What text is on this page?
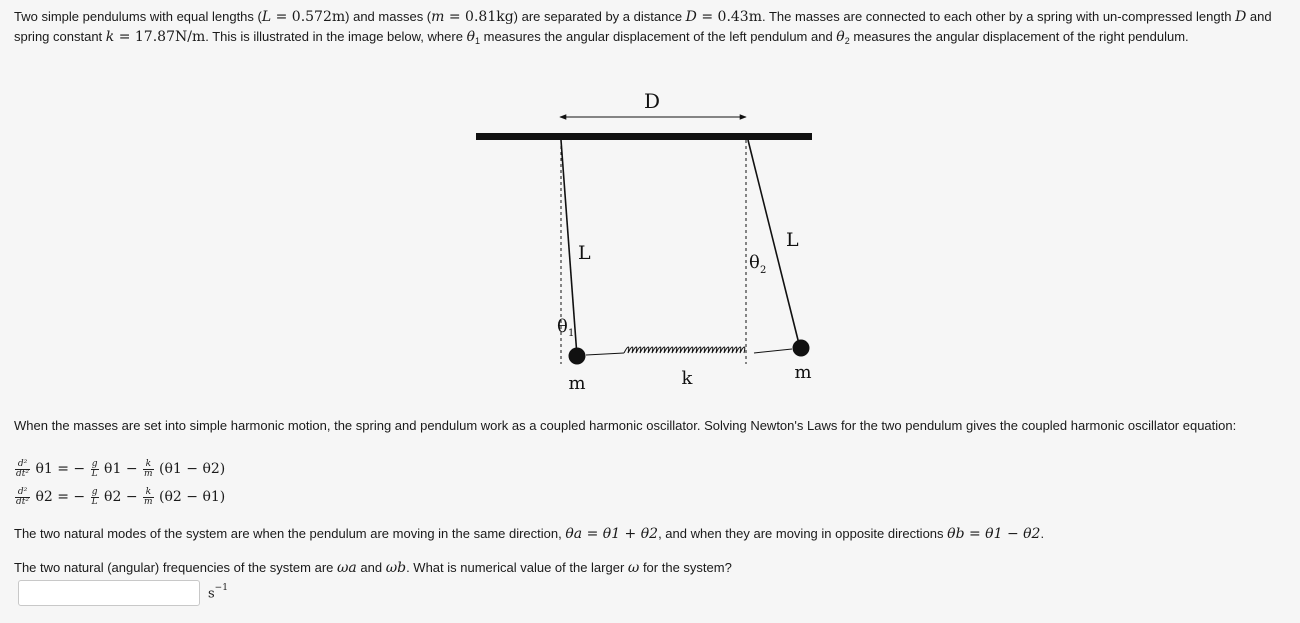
Two simple pendulums with equal lengths (L = 0.572m) and masses (m = 0.81kg) are separated by a distance D = 0.43m. The masses are connected to each other by a spring with un-compressed length D and spring constant k = 17.87N/m. This is illustrated in the image below, where $\theta_1$ measures the angular displacement of the left pendulum and $\theta_2$ measures the angular displacement of the right pendulum.
D
L
L
θ 1
θ 2
m	k	m
When the masses are set into simple harmonic motion, the spring and pendulum work as a coupled harmonic oscillator. Solving Newton's Laws for the two pendulum gives the coupled harmonic oscillator equation:
$\frac{\text{d²}}{\text{dt²}} \theta 1$ = − $\frac{g}{L} \theta 1 - \frac{k}{m} (\theta 1 - \theta 2)$
$\frac{\text{d²}}{\text{dt²}} \theta 2$ = − $\frac{g}{L} \theta 2 - \frac{k}{m} (\theta 2 - \theta 1)$
The two natural modes of the system are when the pendulum are moving in the same direction, θa = θ1 + θ2, and when they are moving in opposite directions θb = θ1 − θ2.
The two natural (angular) frequencies of the system are ωa and ωb. What is numerical value of the larger ω for the system?
$s^{-1}$
